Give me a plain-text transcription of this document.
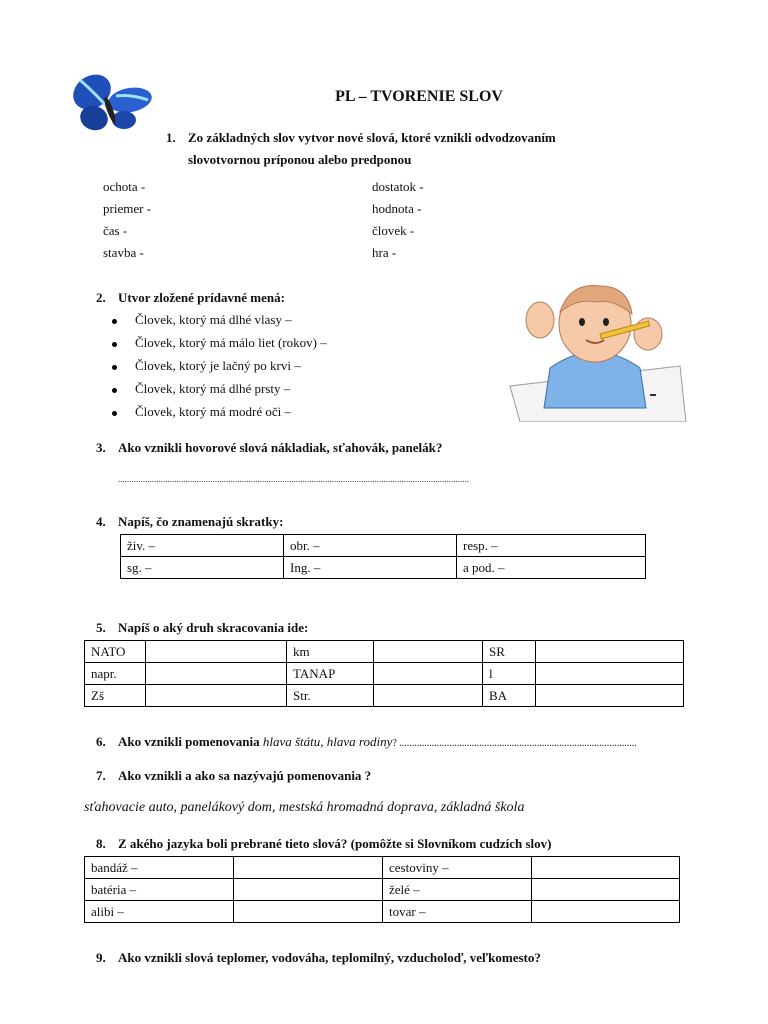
PL – TVORENIE SLOV
1. Zo základných slov vytvor nové slová, ktoré vznikli odvodzovaním
slovotvornou príponou alebo predponou
ochota -
priemer -
čas -
stavba -
dostatok -
hodnota -
človek -
hra -
2. Utvor zložené prídavné mená:
Človek, ktorý má dlhé vlasy –
Človek, ktorý má málo liet (rokov) –
Človek, ktorý je lačný po krvi –
Človek, ktorý má dlhé prsty –
Človek, ktorý má modré oči –
3. Ako vznikli hovorové slová nákladiak, sťahovák, panelák?
............................................................................................................................................................
4. Napíš, čo znamenajú skratky:
živ. –	obr. –	resp. –
sg. –	Ing. –	a pod. –
5. Napíš o aký druh skracovania ide:
NATO		km		SR	
napr.		TANAP		l	
Zš		Str.		BA	
6. Ako vznikli pomenovania hlava štátu, hlava rodiny? ...............................................................................................
7. Ako vznikli a ako sa nazývajú pomenovania ?
sťahovacie auto, panelákový dom, mestská hromadná doprava, základná škola
8. Z akého jazyka boli prebrané tieto slová? (pomôžte si Slovníkom cudzích slov)
bandáž –		cestoviny –	
batéria –		želé –	
alibi –		tovar –	
9. Ako vznikli slová teplomer, vodováha, teplomilný, vzducholoď, veľkomesto?
